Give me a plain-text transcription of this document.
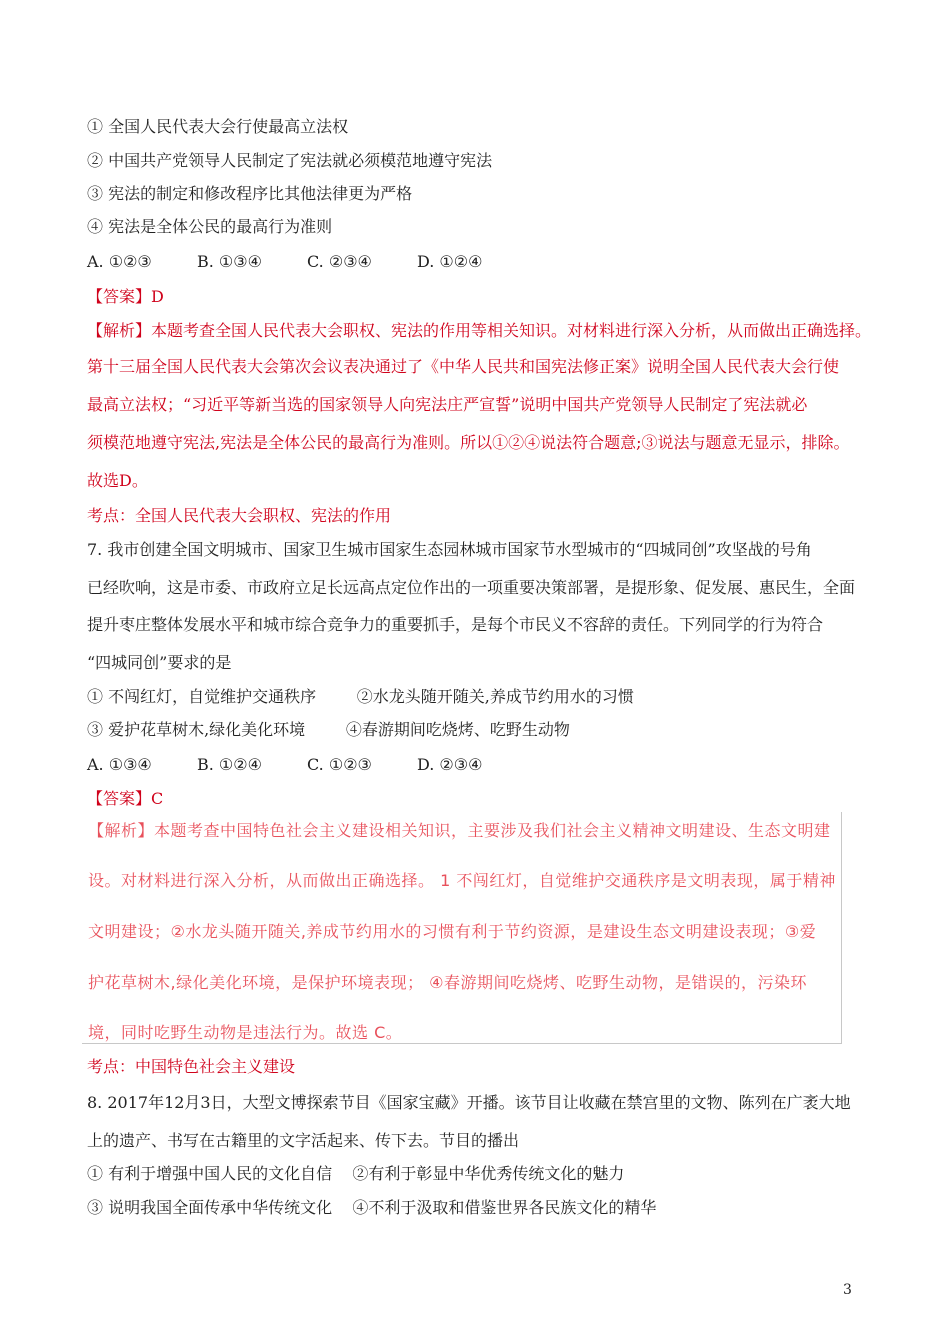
① 全国人民代表大会行使最高立法权
② 中国共产党领导人民制定了宪法就必须模范地遵守宪法
③ 宪法的制定和修改程序比其他法律更为严格
④ 宪法是全体公民的最高行为准则
A. ①②③	B. ①③④	C. ②③④	D. ①②④
【答案】D
【解析】本题考查全国人民代表大会职权、宪法的作用等相关知识。对材料进行深入分析，从而做出正确选择。
第十三届全国人民代表大会第次会议表决通过了《中华人民共和国宪法修正案》说明全国人民代表大会行使
最高立法权；“习近平等新当选的国家领导人向宪法庄严宣誓”说明中国共产党领导人民制定了宪法就必
须模范地遵守宪法,宪法是全体公民的最高行为准则。所以①②④说法符合题意;③说法与题意无显示，排除。
故选D。
考点：全国人民代表大会职权、宪法的作用
7. 我市创建全国文明城市、国家卫生城市国家生态园林城市国家节水型城市的“四城同创”攻坚战的号角
已经吹响，这是市委、市政府立足长远高点定位作出的一项重要决策部署，是提形象、促发展、惠民生，全面
提升枣庄整体发展水平和城市综合竞争力的重要抓手，是每个市民义不容辞的责任。下列同学的行为符合
“四城同创”要求的是
① 不闯红灯，自觉维护交通秩序        ②水龙头随开随关,养成节约用水的习惯
③ 爱护花草树木,绿化美化环境        ④春游期间吃烧烤、吃野生动物
A. ①③④	B. ①②④	C. ①②③	D. ②③④
【答案】C
【解析】本题考查中国特色社会主义建设相关知识，主要涉及我们社会主义精神文明建设、生态文明建
设。对材料进行深入分析，从而做出正确选择。 1 不闯红灯，自觉维护交通秩序是文明表现，属于精神
文明建设；②水龙头随开随关,养成节约用水的习惯有利于节约资源，是建设生态文明建设表现；③爱
护花草树木,绿化美化环境，是保护环境表现； ④春游期间吃烧烤、吃野生动物，是错误的，污染环
境，同时吃野生动物是违法行为。故选 C。
考点：中国特色社会主义建设
8. 2017年12月3日，大型文博探索节目《国家宝藏》开播。该节目让收藏在禁宫里的文物、陈列在广袤大地
上的遗产、书写在古籍里的文字活起来、传下去。节目的播出
① 有利于增强中国人民的文化自信    ②有利于彰显中华优秀传统文化的魅力
③ 说明我国全面传承中华传统文化    ④不利于汲取和借鉴世界各民族文化的精华
3
